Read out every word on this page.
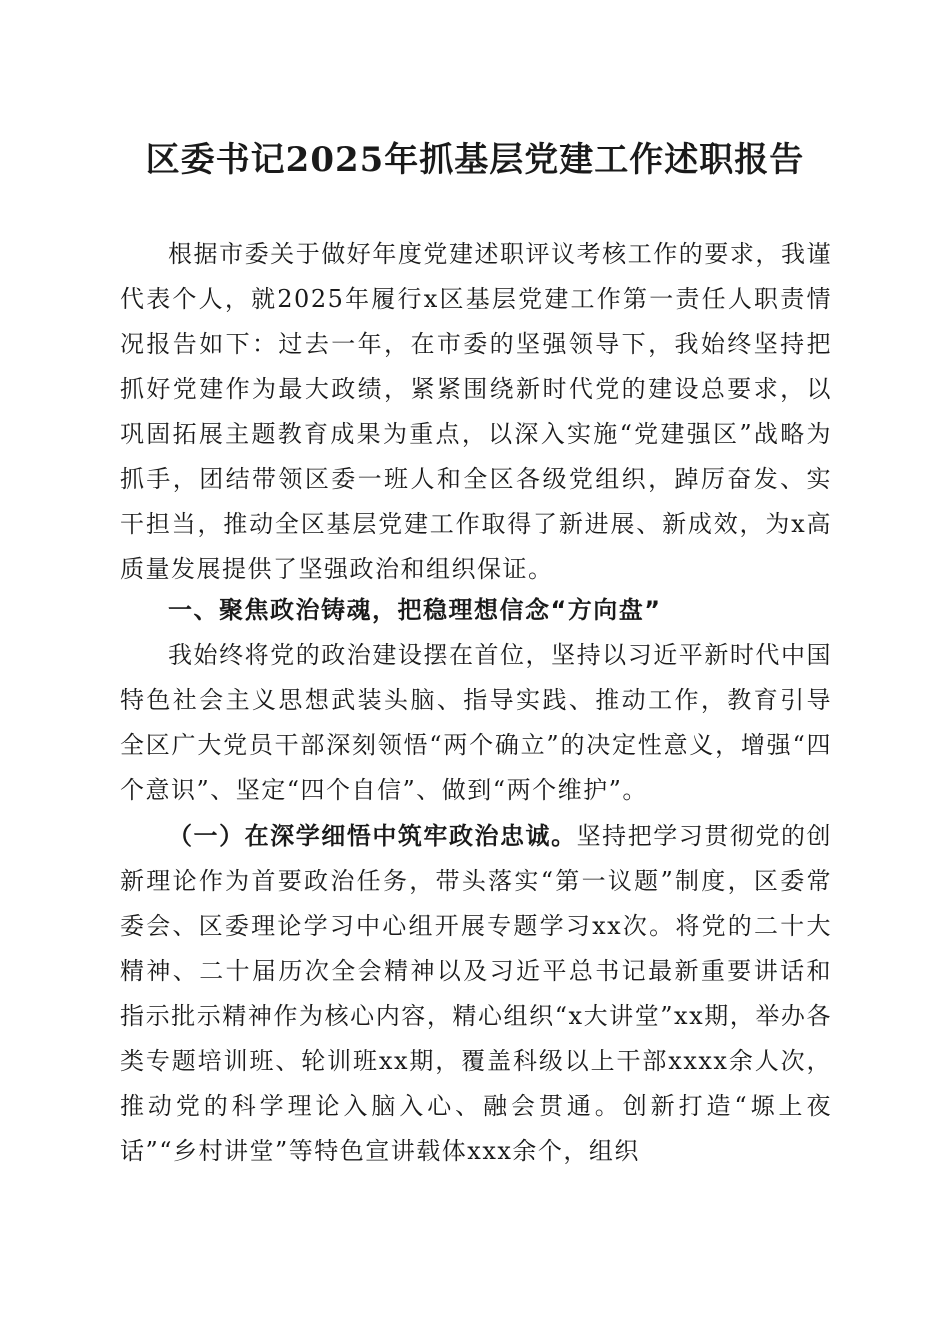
区委书记2025年抓基层党建工作述职报告

根据市委关于做好年度党建述职评议考核工作的要求，我谨代表个人，就2025年履行x区基层党建工作第一责任人职责情况报告如下：过去一年，在市委的坚强领导下，我始终坚持把抓好党建作为最大政绩，紧紧围绕新时代党的建设总要求，以巩固拓展主题教育成果为重点，以深入实施“党建强区”战略为抓手，团结带领区委一班人和全区各级党组织，踔厉奋发、实干担当，推动全区基层党建工作取得了新进展、新成效，为x高质量发展提供了坚强政治和组织保证。

一、聚焦政治铸魂，把稳理想信念“方向盘”

我始终将党的政治建设摆在首位，坚持以习近平新时代中国特色社会主义思想武装头脑、指导实践、推动工作，教育引导全区广大党员干部深刻领悟“两个确立”的决定性意义，增强“四个意识”、坚定“四个自信”、做到“两个维护”。

（一）在深学细悟中筑牢政治忠诚。坚持把学习贯彻党的创新理论作为首要政治任务，带头落实“第一议题”制度，区委常委会、区委理论学习中心组开展专题学习xx次。将党的二十大精神、二十届历次全会精神以及习近平总书记最新重要讲话和指示批示精神作为核心内容，精心组织“x大讲堂”xx期，举办各类专题培训班、轮训班xx期，覆盖科级以上干部xxxx余人次，推动党的科学理论入脑入心、融会贯通。创新打造“塬上夜话”“乡村讲堂”等特色宣讲载体xxx余个，组织
